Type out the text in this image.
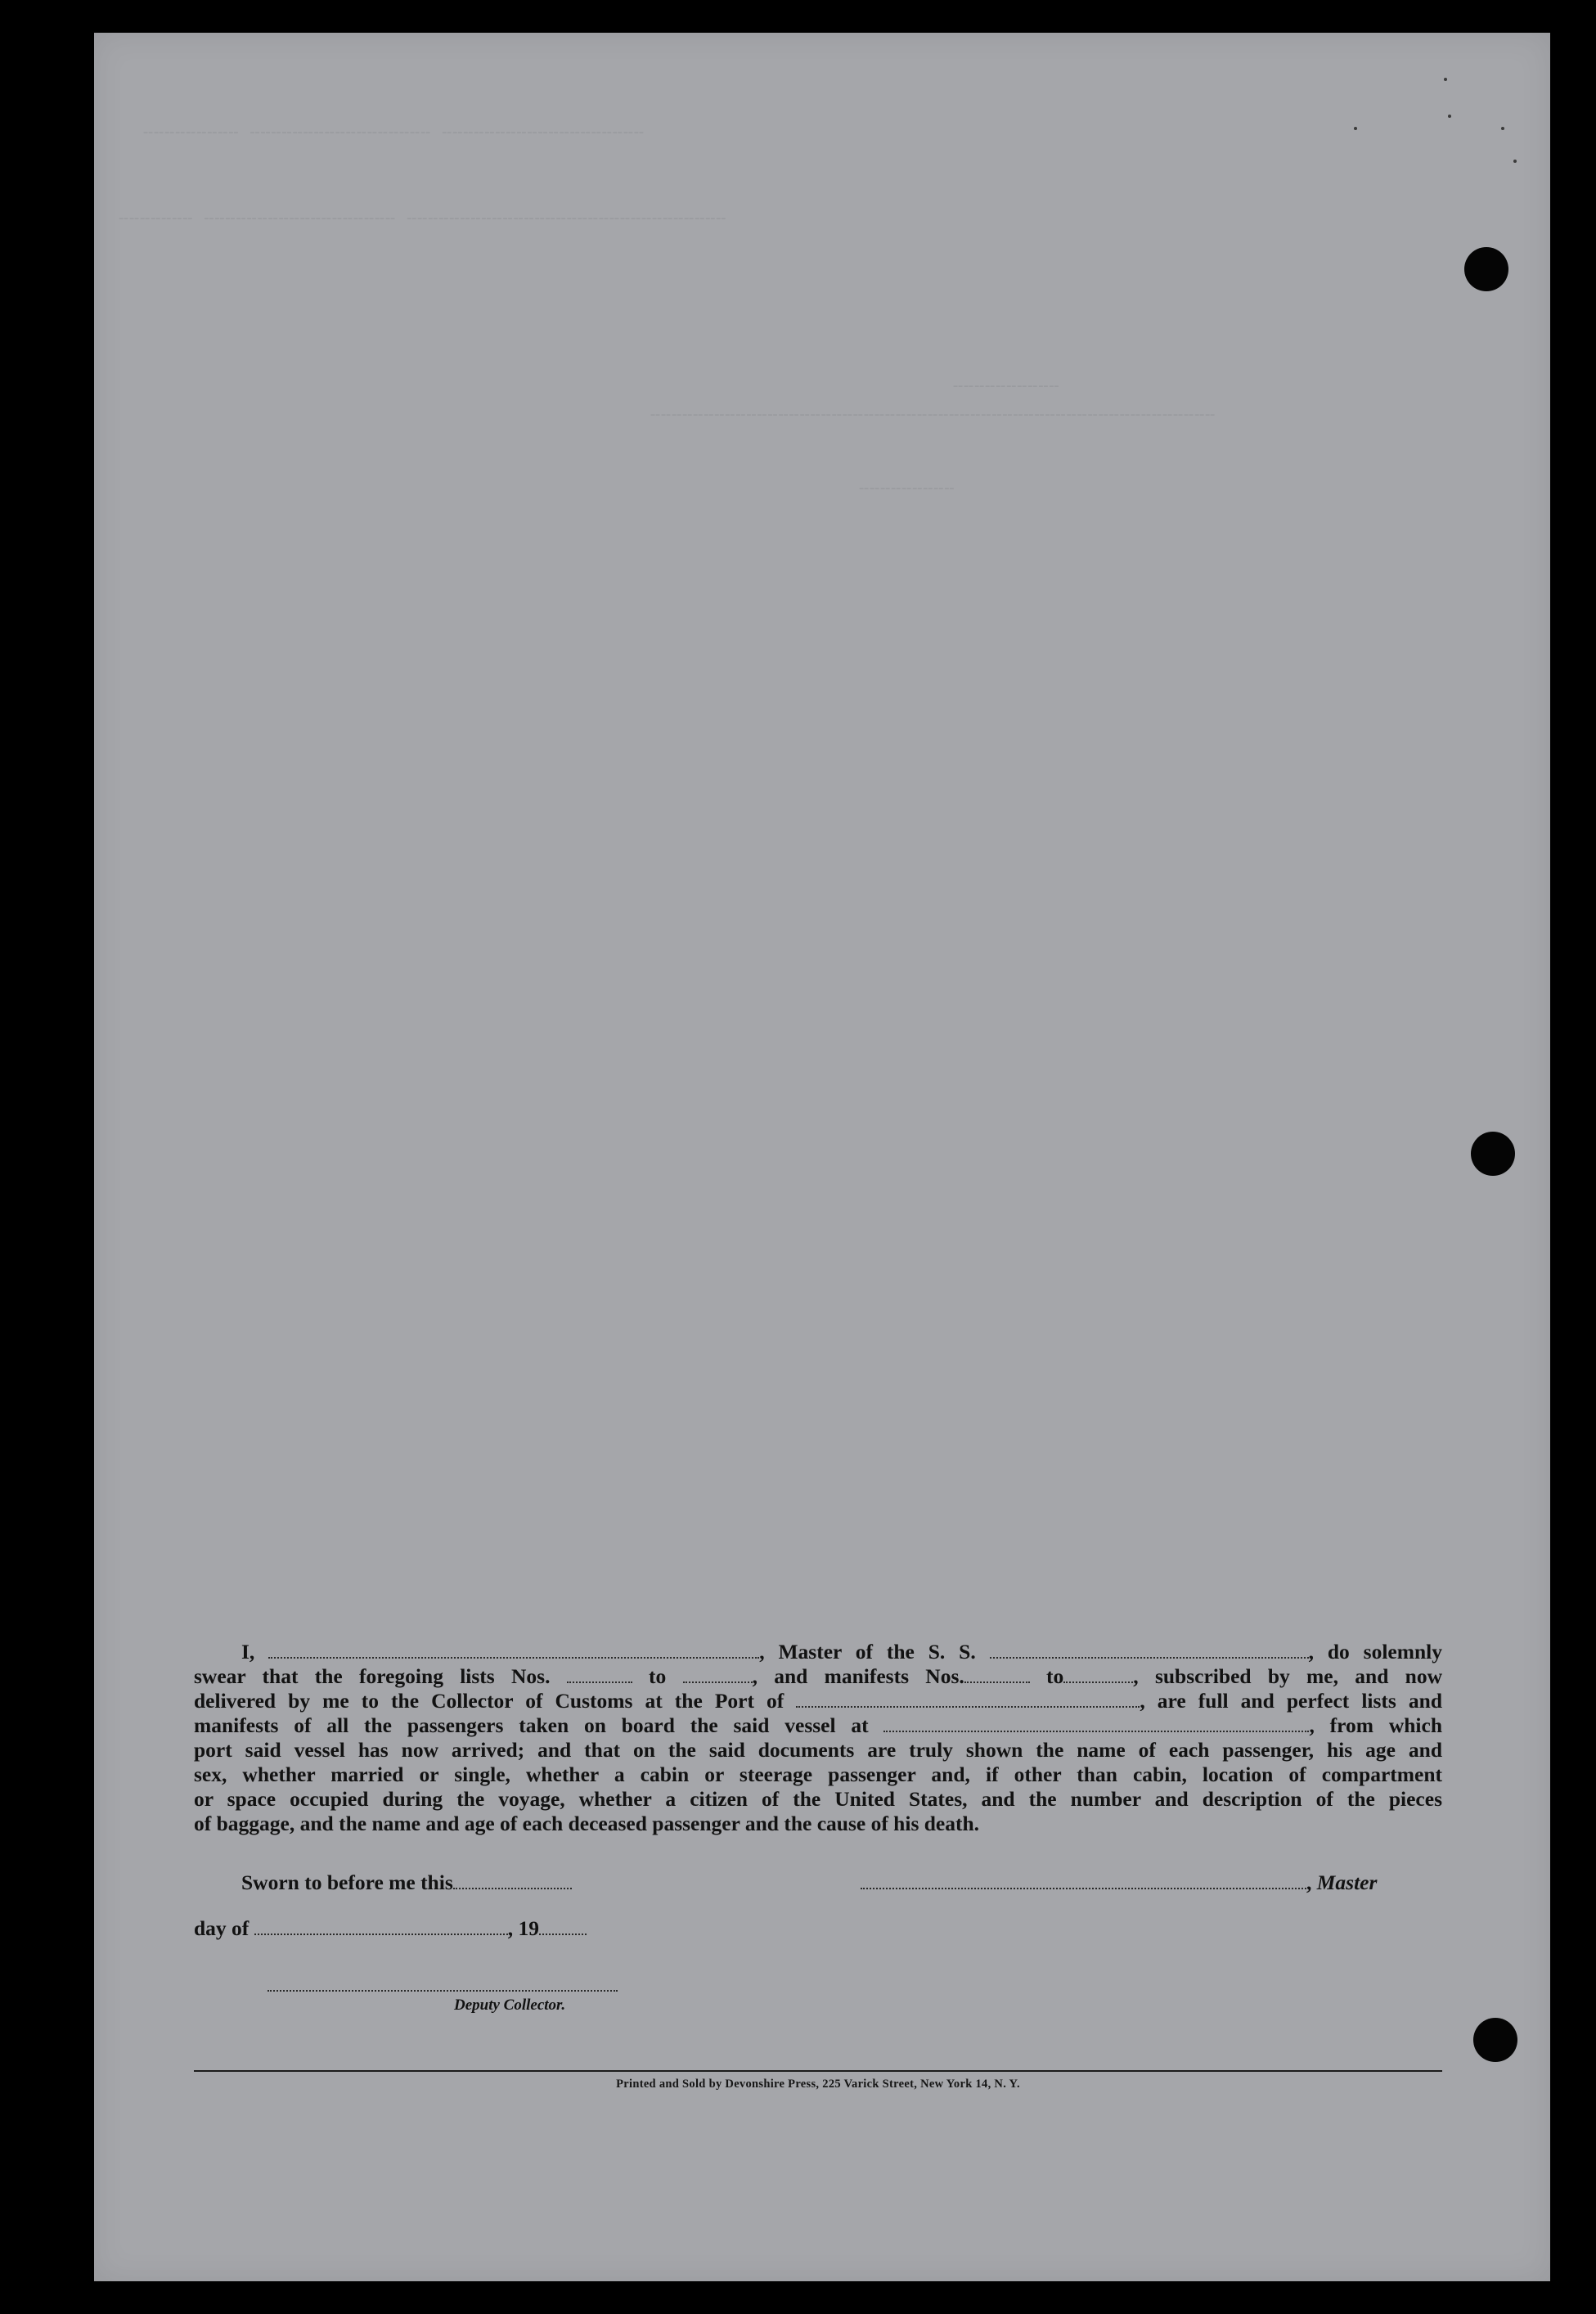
╌╌╌╌╌╌╌╌╌ ╌╌╌╌╌╌╌╌╌╌╌╌╌╌╌╌╌ ╌╌╌╌╌╌╌╌╌╌╌╌╌╌╌╌╌╌╌
╌╌╌╌╌╌╌ ╌╌╌╌╌╌╌╌╌╌╌╌╌╌╌╌╌╌ ╌╌╌╌╌╌╌╌╌╌╌╌╌╌╌╌╌╌╌╌╌╌╌╌╌╌╌╌╌╌
╌╌╌╌╌╌╌╌╌╌
╌╌╌╌╌╌╌╌╌╌╌╌╌╌╌╌╌╌╌╌╌╌╌╌╌╌╌╌╌╌╌╌╌╌╌╌╌╌╌╌╌╌╌╌╌╌╌╌╌╌╌╌╌
╌╌╌╌╌╌╌╌╌
I,	, Master of the S. S.	, do solemnly
swear that the foregoing lists Nos.	to	, and manifests Nos.	to	, subscribed by me, and now
delivered by me to the Collector of Customs at the Port of	, are full and perfect lists and
manifests of all the passengers taken on board the said vessel at	, from which
port said vessel has now arrived; and that on the said documents are truly shown the name of each passenger, his age and
sex, whether married or single, whether a cabin or steerage passenger and, if other than cabin, location of compartment
or space occupied during the voyage, whether a citizen of the United States, and the number and description of the pieces
of baggage, and the name and age of each deceased passenger and the cause of his death.
Sworn to before me this	, Master
day of	, 19
Deputy Collector.
Printed and Sold by Devonshire Press, 225 Varick Street, New York 14, N. Y.
